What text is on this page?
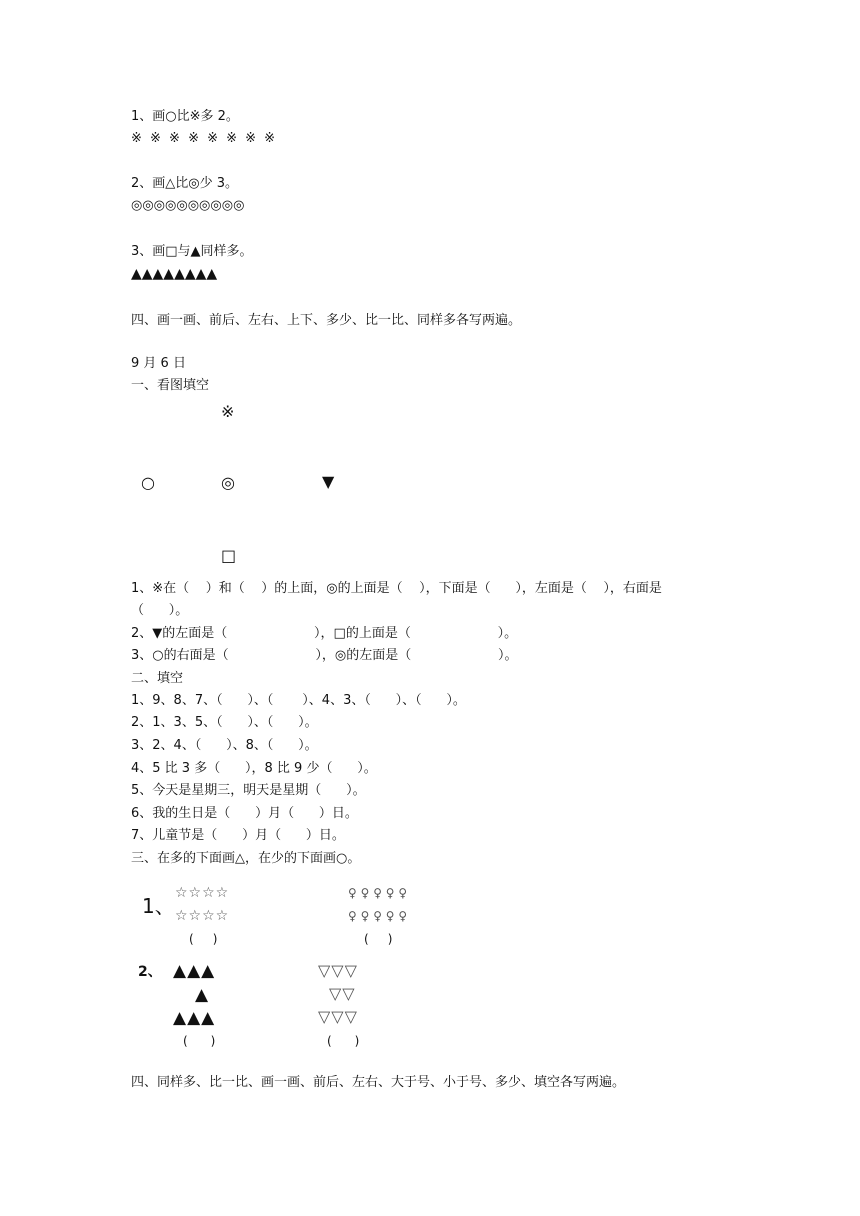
1、画○比※多 2。
※ ※ ※ ※ ※ ※ ※ ※
2、画△比◎少 3。
◎◎◎◎◎◎◎◎◎◎
3、画□与▲同样多。
▲▲▲▲▲▲▲▲
四、画一画、前后、左右、上下、多少、比一比、同样多各写两遍。
9 月 6 日
一、看图填空
※
○	◎	▼
□
1、※在（    ）和（    ）的上面，◎的上面是（    ），下面是（      ），左面是（    ），右面是
（      ）。
2、▼的左面是（                     ），□的上面是（                     ）。
3、○的右面是（                     ），◎的左面是（                     ）。
二、填空
1、9、8、7、（      ）、（       ）、4、3、（      ）、（      ）。
2、1、3、5、（      ）、（      ）。
3、2、4、（      ）、8、（      ）。
4、5 比 3 多（      ），8 比 9 少（      ）。
5、今天是星期三，明天是星期（      ）。
6、我的生日是（      ）月（      ）日。
7、儿童节是（      ）月（      ）日。
三、在多的下面画△，在少的下面画○。
1、
☆☆☆☆
☆☆☆☆
(     )
♀ ♀ ♀ ♀ ♀
♀ ♀ ♀ ♀ ♀
(     )
2、 ▲▲▲
▲
▲▲▲
(      )
▽▽▽
▽▽
▽▽▽
(      )
四、同样多、比一比、画一画、前后、左右、大于号、小于号、多少、填空各写两遍。
